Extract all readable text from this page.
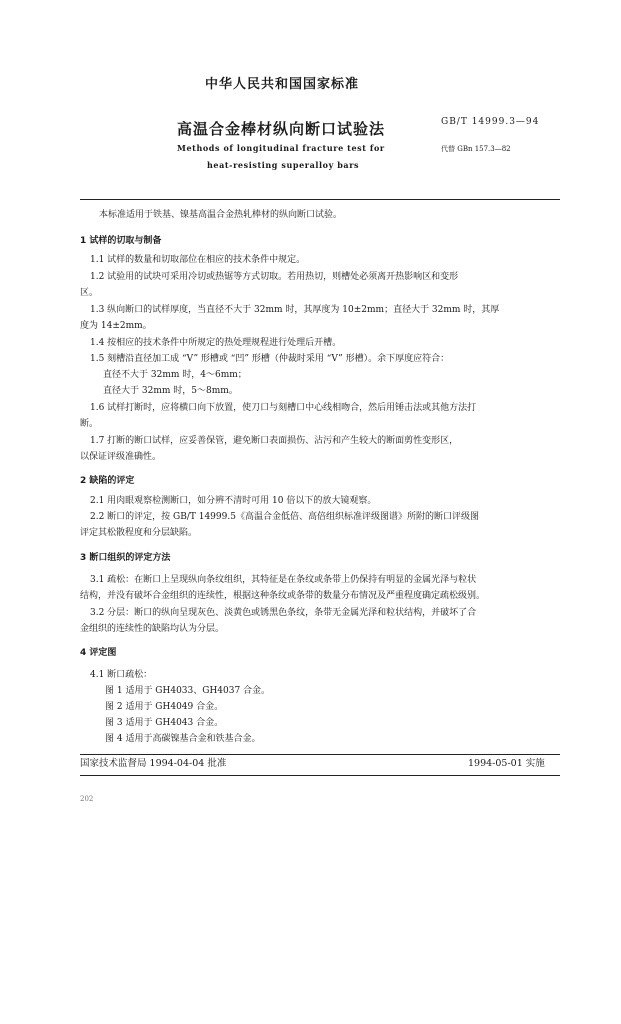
中华人民共和国国家标准
高温合金棒材纵向断口试验法	GB/T 14999.3—94
Methods of longitudinal fracture test for	代替 GBn 157.3—82
heat-resisting superalloy bars
本标准适用于铁基、镍基高温合金热轧棒材的纵向断口试验。
1 试样的切取与制备
1.1 试样的数量和切取部位在相应的技术条件中规定。
1.2 试验用的试块可采用冷切或热锯等方式切取。若用热切，则槽处必须离开热影响区和变形
区。
1.3 纵向断口的试样厚度，当直径不大于 32mm 时，其厚度为 10±2mm；直径大于 32mm 时，其厚
度为 14±2mm。
1.4 按相应的技术条件中所规定的热处理规程进行处理后开槽。
1.5 刻槽沿直径加工成 “V” 形槽或 “凹” 形槽（仲裁时采用 “V” 形槽）。余下厚度应符合：
直径不大于 32mm 时，4～6mm；
直径大于 32mm 时，5～8mm。
1.6 试样打断时，应将横口向下放置，使刀口与刻槽口中心线相吻合，然后用锤击法或其他方法打
断。
1.7 打断的断口试样，应妥善保管，避免断口表面损伤、沾污和产生较大的断面剪性变形区，
以保证评级准确性。
2 缺陷的评定
2.1 用肉眼观察检测断口，如分辨不清时可用 10 倍以下的放大镜观察。
2.2 断口的评定，按 GB/T 14999.5《高温合金低倍、高倍组织标准评级图谱》所附的断口评级图
评定其松散程度和分层缺陷。
3 断口组织的评定方法
3.1 疏松：在断口上呈现纵向条纹组织，其特征是在条纹或条带上仍保持有明显的金属光泽与粒状
结构，并没有破坏合金组织的连续性，根据这种条纹或条带的数量分布情况及严重程度确定疏松级别。
3.2 分层：断口的纵向呈现灰色、淡黄色或锈黑色条纹，条带无金属光泽和粒状结构，并破坏了合
金组织的连续性的缺陷均认为分层。
4 评定图
4.1 断口疏松：
图 1 适用于 GH4033、GH4037 合金。
图 2 适用于 GH4049 合金。
图 3 适用于 GH4043 合金。
图 4 适用于高碳镍基合金和铁基合金。
国家技术监督局 1994-04-04 批准	1994-05-01 实施
202
